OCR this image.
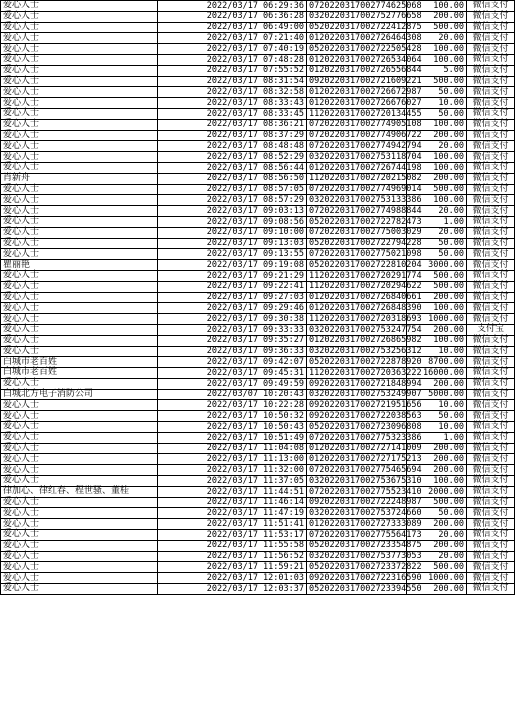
爱心人士	2022/03/17 06:29:36	0720220317002774625068	100.00	微信支付
爱心人士	2022/03/17 06:36:28	0320220317002752776658	200.00	微信支付
爱心人士	2022/03/17 06:49:00	0520220317002722412875	500.00	微信支付
爱心人士	2022/03/17 07:21:40	0120220317002726464308	20.00	微信支付
爱心人士	2022/03/17 07:40:19	0520220317002722505428	100.00	微信支付
爱心人士	2022/03/17 07:48:28	0120220317002726534064	100.00	微信支付
爱心人士	2022/03/17 07:55:52	0120220317002726556844	5.00	微信支付
爱心人士	2022/03/17 08:31:54	0920220317002721609221	500.00	微信支付
爱心人士	2022/03/17 08:32:58	0120220317002726672987	50.00	微信支付
爱心人士	2022/03/17 08:33:43	0120220317002726676027	10.00	微信支付
爱心人士	2022/03/17 08:33:45	1120220317002720134455	50.00	微信支付
爱心人士	2022/03/17 08:36:21	0720220317002774905108	100.00	微信支付
爱心人士	2022/03/17 08:37:29	0720220317002774906722	200.00	微信支付
爱心人士	2022/03/17 08:48:48	0720220317002774942794	20.00	微信支付
爱心人士	2022/03/17 08:52:29	0320220317002753118704	100.00	微信支付
爱心人士	2022/03/17 08:56:44	0120220317002726744198	100.00	微信支付
肖新舟	2022/03/17 08:56:50	1120220317002720215082	200.00	微信支付
爱心人士	2022/03/17 08:57:05	0720220317002774969014	500.00	微信支付
爱心人士	2022/03/17 08:57:29	0320220317002753133386	100.00	微信支付
爱心人士	2022/03/17 09:03:13	0720220317002774988844	20.00	微信支付
爱心人士	2022/03/17 09:08:56	0520220317002722782473	1.00	微信支付
爱心人士	2022/03/17 09:10:00	0720220317002775003029	20.00	微信支付
爱心人士	2022/03/17 09:13:03	0520220317002722794228	50.00	微信支付
爱心人士	2022/03/17 09:13:55	0720220317002775021098	50.00	微信支付
瞿丽艳	2022/03/17 09:19:08	0520220317002722810204	3000.00	微信支付
爱心人士	2022/03/17 09:21:29	1120220317002720291774	500.00	微信支付
爱心人士	2022/03/17 09:22:41	1120220317002720294622	500.00	微信支付
爱心人士	2022/03/17 09:27:03	0120220317002726840661	200.00	微信支付
爱心人士	2022/03/17 09:29:46	0120220317002726848390	100.00	微信支付
爱心人士	2022/03/17 09:30:38	1120220317002720318693	1000.00	微信支付
爱心人士	2022/03/17 09:33:33	0320220317002753247754	200.00	支付宝
爱心人士	2022/03/17 09:35:27	0120220317002726865982	100.00	微信支付
爱心人士	2022/03/17 09:36:33	0320220317002753256312	10.00	微信支付
白城市老百姓	2022/03/17 09:42:07	0520220317002722878920	8700.00	微信支付
白城市老百姓	2022/03/17 09:45:31	1120220317002720363222	16000.00	微信支付
爱心人士	2022/03/17 09:49:59	0920220317002721848994	200.00	微信支付
白城北方电子消防公司	2022/03/07 10:20:43	0320220317002753249907	5000.00	微信支付
爱心人士	2022/03/17 10:22:28	0920220317002721951656	10.00	微信支付
爱心人士	2022/03/17 10:50:32	0920220317002722038563	50.00	微信支付
爱心人士	2022/03/17 10:50:43	0520220317002723096808	10.00	微信支付
爱心人士	2022/03/17 10:51:49	0720220317002775323386	1.00	微信支付
爱心人士	2022/03/17 11:04:08	0120220317002727141009	200.00	微信支付
爱心人士	2022/03/17 11:13:00	0120220317002727175213	200.00	微信支付
爱心人士	2022/03/17 11:32:00	0720220317002775465694	200.00	微信支付
爱心人士	2022/03/17 11:37:05	0320220317002753675310	100.00	微信支付
律加心、律红春、程世骚、董桂	2022/03/17 11:44:51	0720220317002775523410	2000.00	微信支付
爱心人士	2022/03/17 11:46:14	0920220317002722248987	500.00	微信支付
爱心人士	2022/03/17 11:47:19	0320220317002753724660	50.00	微信支付
爱心人士	2022/03/17 11:51:41	0120220317002727333089	200.00	微信支付
爱心人士	2022/03/17 11:53:17	0720220317002775564173	20.00	微信支付
爱心人士	2022/03/17 11:55:58	0520220317002723354875	200.00	微信支付
爱心人士	2022/03/17 11:56:52	0320220317002753773053	20.00	微信支付
爱心人士	2022/03/17 11:59:21	0520220317002723372822	500.00	微信支付
爱心人士	2022/03/17 12:01:03	0920220317002722316590	1000.00	微信支付
爱心人士	2022/03/17 12:03:37	0520220317002723394550	200.00	微信支付
